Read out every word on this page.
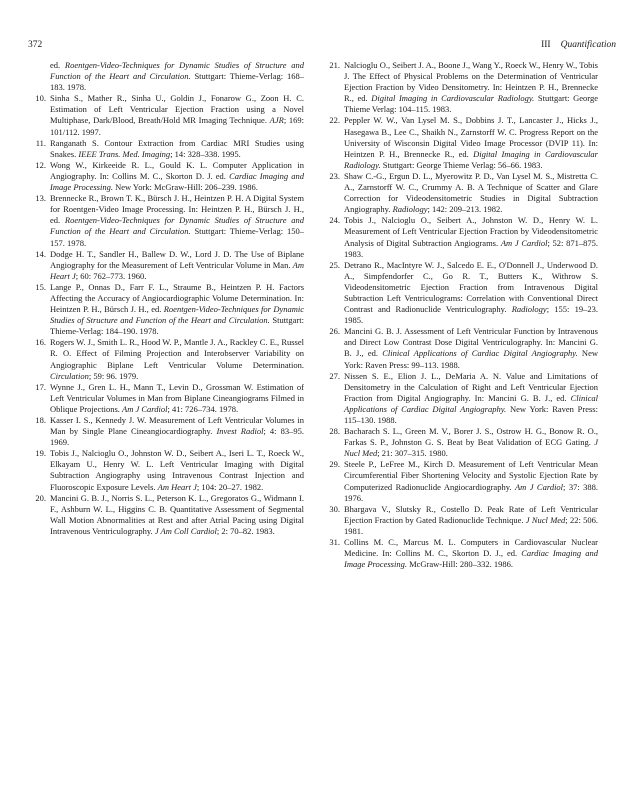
372	III Quantification
ed. Roentgen-Video-Techniques for Dynamic Studies of Structure and Function of the Heart and Circulation. Stuttgart: Thieme-Verlag: 168–183. 1978.
10. Sinha S., Mather R., Sinha U., Goldin J., Fonarow G., Zoon H. C. Estimation of Left Ventricular Ejection Fraction using a Novel Multiphase, Dark/Blood, Breath/Hold MR Imaging Technique. AJR; 169: 101/112. 1997.
11. Ranganath S. Contour Extraction from Cardiac MRI Studies using Snakes. IEEE Trans. Med. Imaging; 14: 328–338. 1995.
12. Wong W., Kirkeeide R. L., Gould K. L. Computer Application in Angiography. In: Collins M. C., Skorton D. J. ed. Cardiac Imaging and Image Processing. New York: McGraw-Hill: 206–239. 1986.
13. Brennecke R., Brown T. K., Bürsch J. H., Heintzen P. H. A Digital System for Roentgen-Video Image Processing. In: Heintzen P. H., Bürsch J. H., ed. Roentgen-Video-Techniques for Dynamic Studies of Structure and Function of the Heart and Circulation. Stuttgart: Thieme-Verlag: 150–157. 1978.
14. Dodge H. T., Sandler H., Ballew D. W., Lord J. D. The Use of Biplane Angiography for the Measurement of Left Ventricular Volume in Man. Am Heart J; 60: 762–773. 1960.
15. Lange P., Onnas D., Farr F. L., Straume B., Heintzen P. H. Factors Affecting the Accuracy of Angiocardiographic Volume Determination. In: Heintzen P. H., Bürsch J. H., ed. Roentgen-Video-Techniques for Dynamic Studies of Structure and Function of the Heart and Circulation. Stuttgart: Thieme-Verlag: 184–190. 1978.
16. Rogers W. J., Smith L. R., Hood W. P., Mantle J. A., Rackley C. E., Russel R. O. Effect of Filming Projection and Interobserver Variability on Angiographic Biplane Left Ventricular Volume Determination. Circulation; 59: 96. 1979.
17. Wynne J., Gren L. H., Mann T., Levin D., Grossman W. Estimation of Left Ventricular Volumes in Man from Biplane Cineangiograms Filmed in Oblique Projections. Am J Cardiol; 41: 726–734. 1978.
18. Kasser I. S., Kennedy J. W. Measurement of Left Ventricular Volumes in Man by Single Plane Cineangiocardiography. Invest Radiol; 4: 83–95. 1969.
19. Tobis J., Nalcioglu O., Johnston W. D., Seibert A., Iseri L. T., Roeck W., Elkayam U., Henry W. L. Left Ventricular Imaging with Digital Subtraction Angiography using Intravenous Contrast Injection and Fluoroscopic Exposure Levels. Am Heart J; 104: 20–27. 1982.
20. Mancini G. B. J., Norris S. L., Peterson K. L., Gregoratos G., Widmann I. F., Ashburn W. L., Higgins C. B. Quantitative Assessment of Segmental Wall Motion Abnormalities at Rest and after Atrial Pacing using Digital Intravenous Ventriculography. J Am Coll Cardiol; 2: 70–82. 1983.
21. Nalcioglu O., Seibert J. A., Boone J., Wang Y., Roeck W., Henry W., Tobis J. The Effect of Physical Problems on the Determination of Ventricular Ejection Fraction by Video Densitometry. In: Heintzen P. H., Brennecke R., ed. Digital Imaging in Cardiovascular Radiology. Stuttgart: George Thieme Verlag: 104–115. 1983.
22. Peppler W. W., Van Lysel M. S., Dobbins J. T., Lancaster J., Hicks J., Hasegawa B., Lee C., Shaikh N., Zarnstorff W. C. Progress Report on the University of Wisconsin Digital Video Image Processor (DVIP 11). In: Heintzen P. H., Brennecke R., ed. Digital Imaging in Cardiovascular Radiology. Stuttgart: George Thieme Verlag: 56–66. 1983.
23. Shaw C.-G., Ergun D. L., Myerowitz P. D., Van Lysel M. S., Mistretta C. A., Zarnstorff W. C., Crummy A. B. A Technique of Scatter and Glare Correction for Videodensitometric Studies in Digital Subtraction Angiography. Radiology; 142: 209–213. 1982.
24. Tobis J., Nalcioglu O., Seibert A., Johnston W. D., Henry W. L. Measurement of Left Ventricular Ejection Fraction by Videodensitometric Analysis of Digital Subtraction Angiograms. Am J Cardiol; 52: 871–875. 1983.
25. Detrano R., MacIntyre W. J., Salcedo E. E., O'Donnell J., Underwood D. A., Simpfendorfer C., Go R. T., Butters K., Withrow S. Videodensitometric Ejection Fraction from Intravenous Digital Subtraction Left Ventriculograms: Correlation with Conventional Direct Contrast and Radionuclide Ventriculography. Radiology; 155: 19–23. 1985.
26. Mancini G. B. J. Assessment of Left Ventricular Function by Intravenous and Direct Low Contrast Dose Digital Ventriculography. In: Mancini G. B. J., ed. Clinical Applications of Cardiac Digital Angiography. New York: Raven Press: 99–113. 1988.
27. Nissen S. E., Elion J. L., DeMaria A. N. Value and Limitations of Densitometry in the Calculation of Right and Left Ventricular Ejection Fraction from Digital Angiography. In: Mancini G. B. J., ed. Clinical Applications of Cardiac Digital Angiography. New York: Raven Press: 115–130. 1988.
28. Bacharach S. L., Green M. V., Borer J. S., Ostrow H. G., Bonow R. O., Farkas S. P., Johnston G. S. Beat by Beat Validation of ECG Gating. J Nucl Med; 21: 307–315. 1980.
29. Steele P., LeFree M., Kirch D. Measurement of Left Ventricular Mean Circumferential Fiber Shortening Velocity and Systolic Ejection Rate by Computerized Radionuclide Angiocardiography. Am J Cardiol; 37: 388. 1976.
30. Bhargava V., Slutsky R., Costello D. Peak Rate of Left Ventricular Ejection Fraction by Gated Radionuclide Technique. J Nucl Med; 22: 506. 1981.
31. Collins M. C., Marcus M. L. Computers in Cardiovascular Nuclear Medicine. In: Collins M. C., Skorton D. J., ed. Cardiac Imaging and Image Processing. McGraw-Hill: 280–332. 1986.
